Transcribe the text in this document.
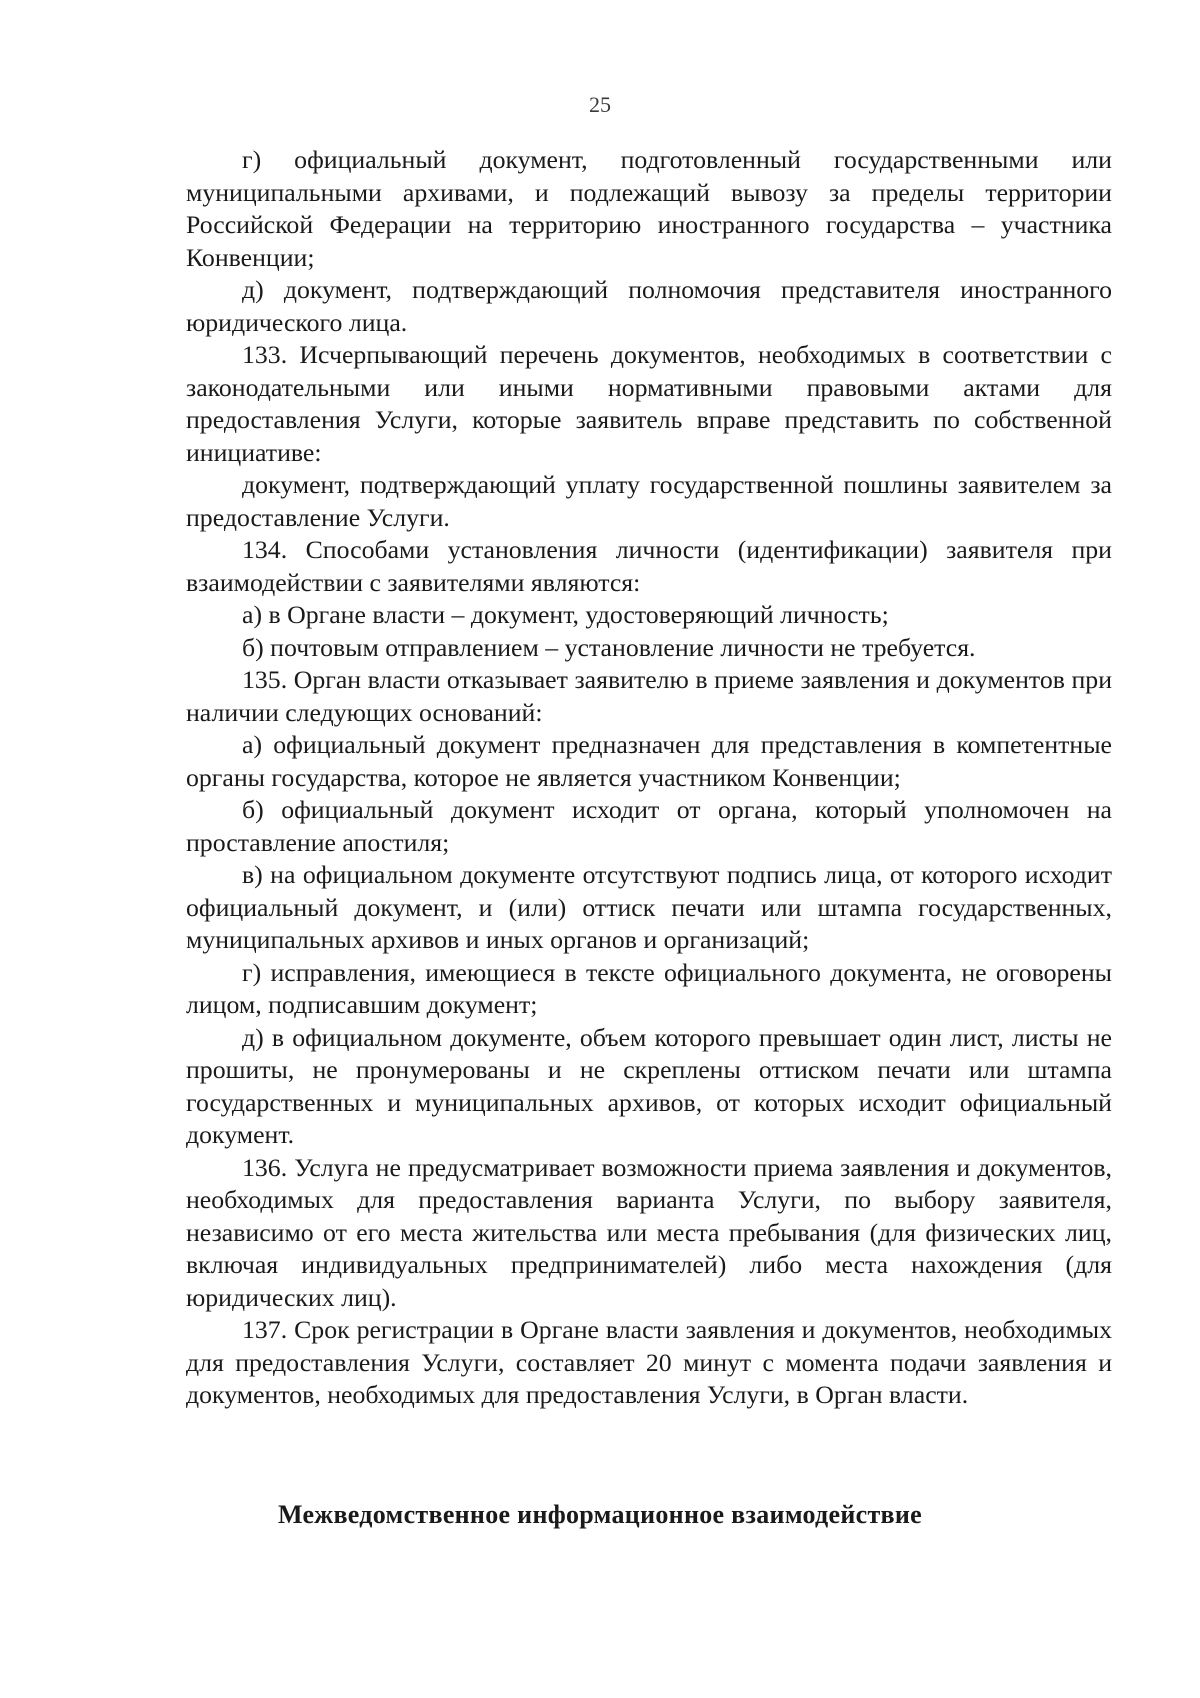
25

г) официальный документ, подготовленный государственными или муниципальными архивами, и подлежащий вывозу за пределы территории Российской Федерации на территорию иностранного государства – участника Конвенции;

д) документ, подтверждающий полномочия представителя иностранного юридического лица.

133. Исчерпывающий перечень документов, необходимых в соответствии с законодательными или иными нормативными правовыми актами для предоставления Услуги, которые заявитель вправе представить по собственной инициативе:

документ, подтверждающий уплату государственной пошлины заявителем за предоставление Услуги.

134. Способами установления личности (идентификации) заявителя при взаимодействии с заявителями являются:

а) в Органе власти – документ, удостоверяющий личность;

б) почтовым отправлением – установление личности не требуется.

135. Орган власти отказывает заявителю в приеме заявления и документов при наличии следующих оснований:

а) официальный документ предназначен для представления в компетентные органы государства, которое не является участником Конвенции;

б) официальный документ исходит от органа, который уполномочен на проставление апостиля;

в) на официальном документе отсутствуют подпись лица, от которого исходит официальный документ, и (или) оттиск печати или штампа государственных, муниципальных архивов и иных органов и организаций;

г) исправления, имеющиеся в тексте официального документа, не оговорены лицом, подписавшим документ;

д) в официальном документе, объем которого превышает один лист, листы не прошиты, не пронумерованы и не скреплены оттиском печати или штампа государственных и муниципальных архивов, от которых исходит официальный документ.

136. Услуга не предусматривает возможности приема заявления и документов, необходимых для предоставления варианта Услуги, по выбору заявителя, независимо от его места жительства или места пребывания (для физических лиц, включая индивидуальных предпринимателей) либо места нахождения (для юридических лиц).

137. Срок регистрации в Органе власти заявления и документов, необходимых для предоставления Услуги, составляет 20 минут с момента подачи заявления и документов, необходимых для предоставления Услуги, в Орган власти.

Межведомственное информационное взаимодействие
